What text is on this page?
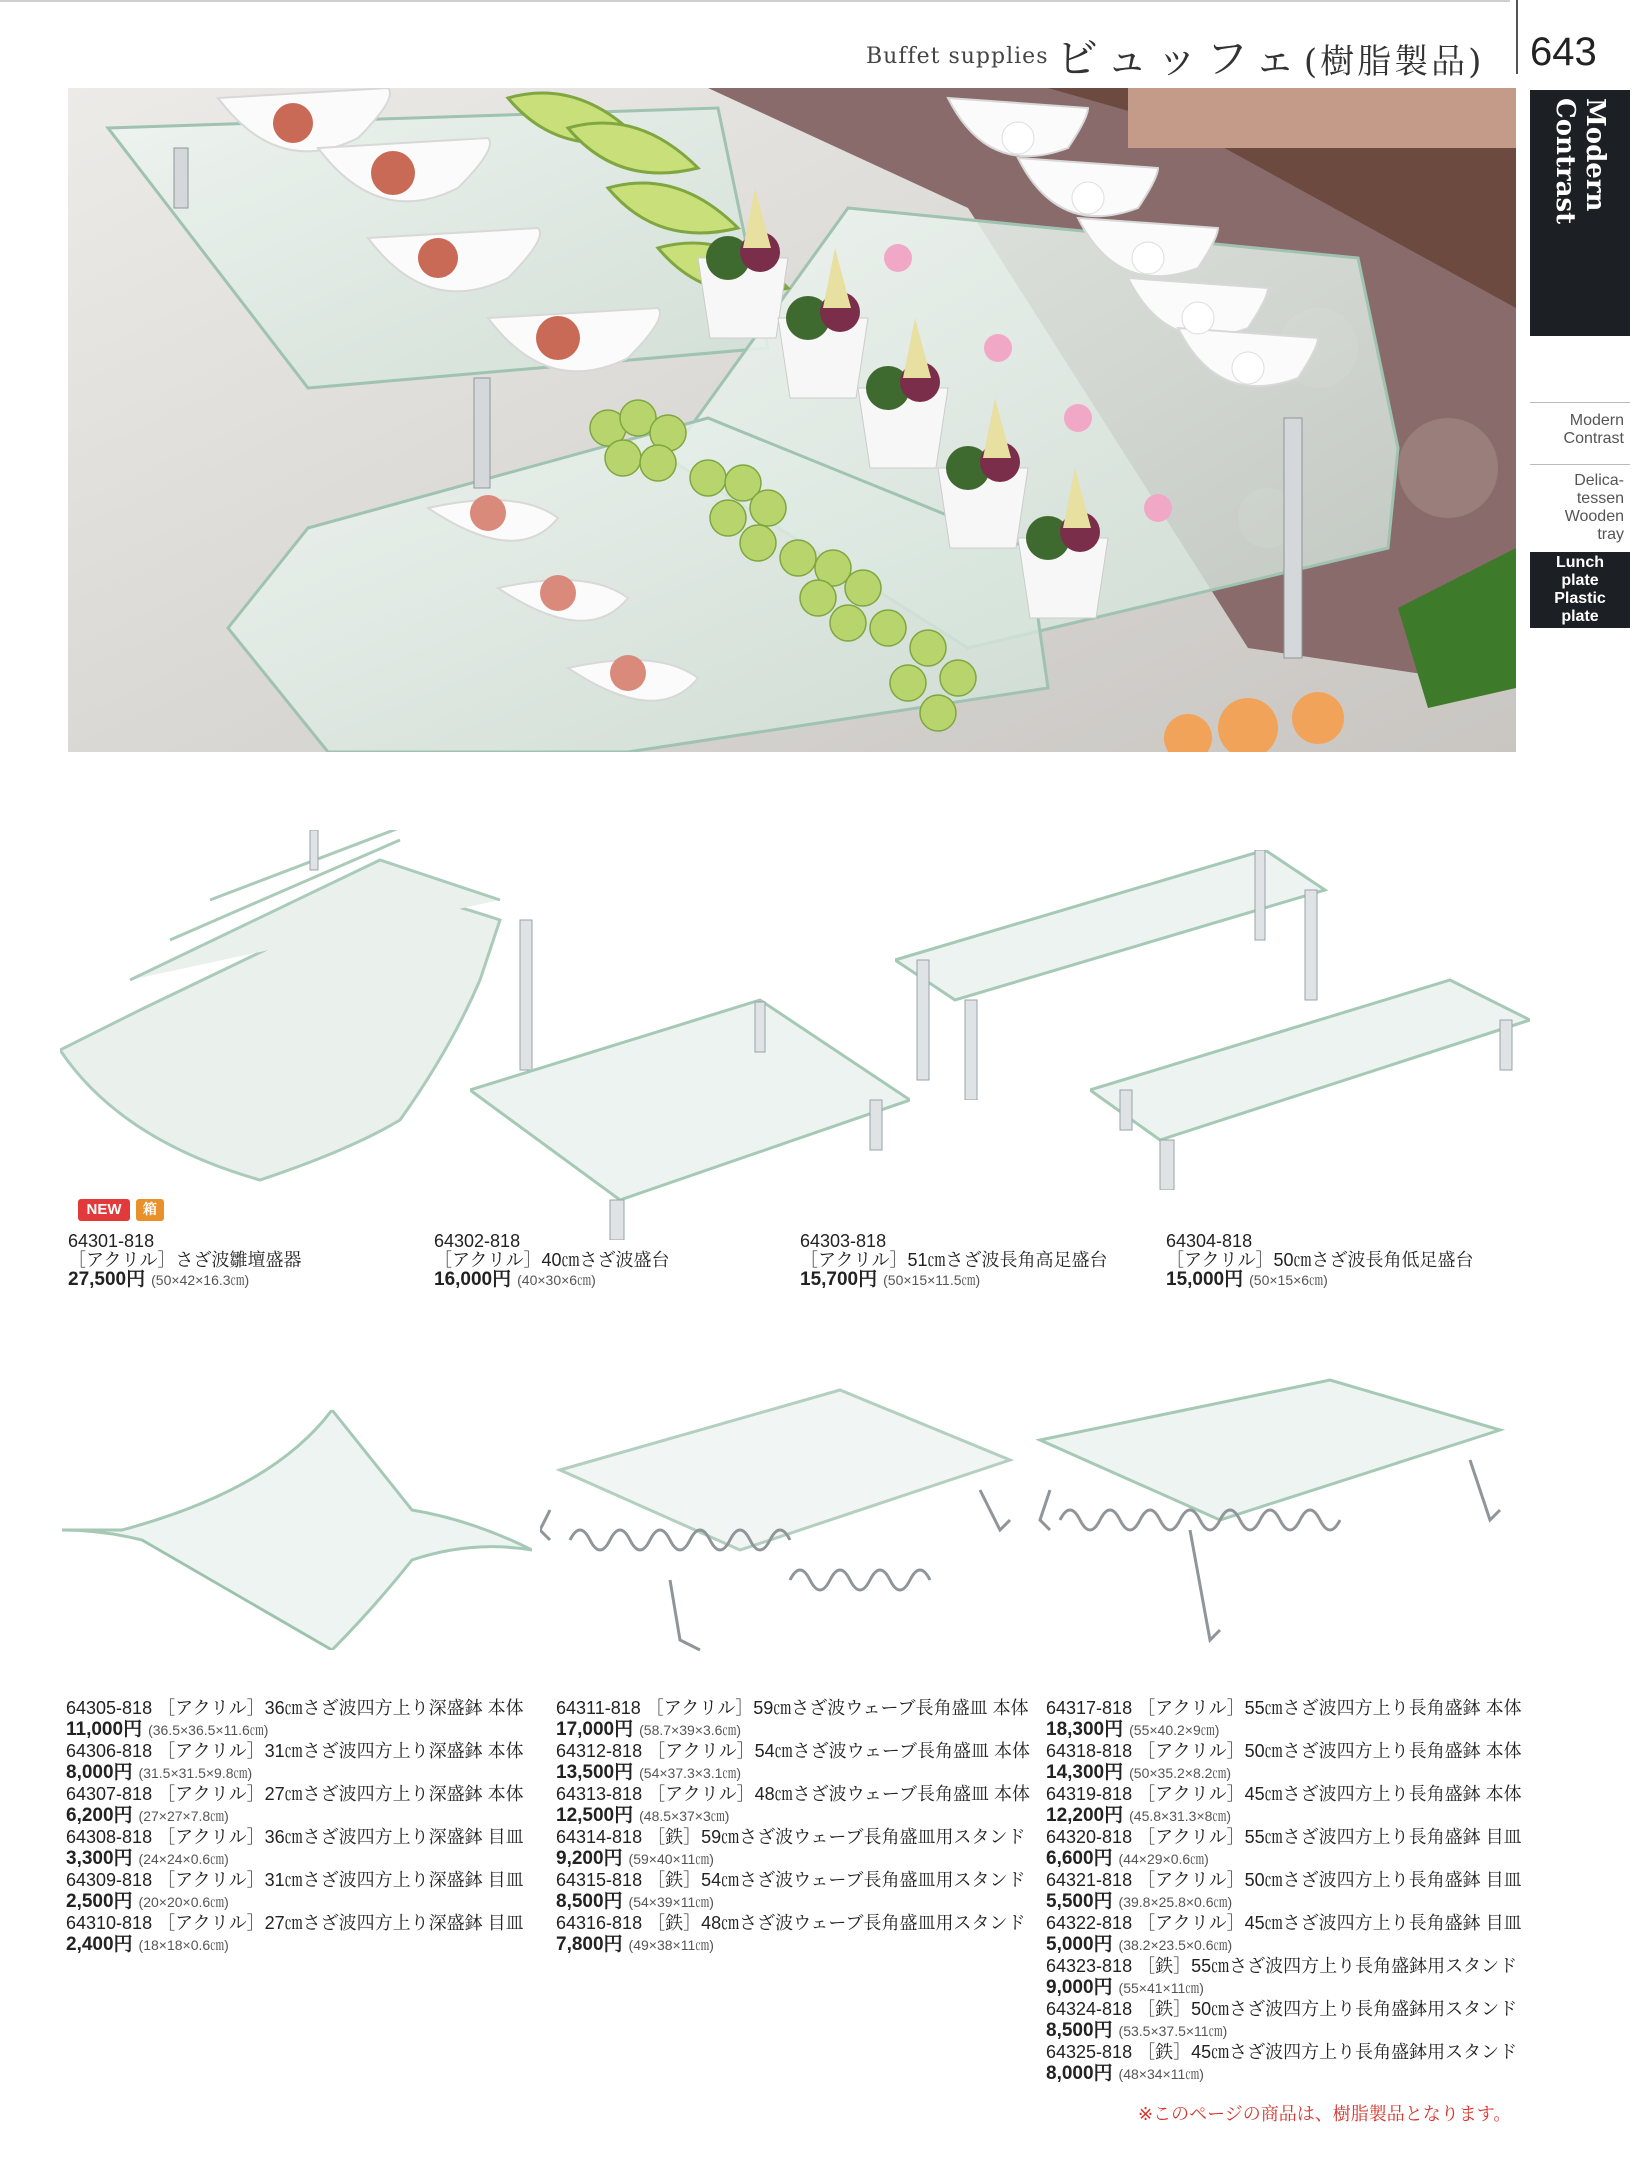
Buffet supplies ビュッフェ(樹脂製品) 643
Modern
Contrast
Modern
Contrast
Delica-
tessen
Wooden
tray
Lunch
plate
Plastic
plate
NEW	箱
64301-818
［アクリル］さざ波雛壇盛器
27,500円 (50×42×16.3㎝)
64302-818
［アクリル］40㎝さざ波盛台
16,000円 (40×30×6㎝)
64303-818
［アクリル］51㎝さざ波長角高足盛台
15,700円 (50×15×11.5㎝)
64304-818
［アクリル］50㎝さざ波長角低足盛台
15,000円 (50×15×6㎝)
64305-818 ［アクリル］36㎝さざ波四方上り深盛鉢 本体
11,000円 (36.5×36.5×11.6㎝)
64306-818 ［アクリル］31㎝さざ波四方上り深盛鉢 本体
8,000円 (31.5×31.5×9.8㎝)
64307-818 ［アクリル］27㎝さざ波四方上り深盛鉢 本体
6,200円 (27×27×7.8㎝)
64308-818 ［アクリル］36㎝さざ波四方上り深盛鉢 目皿
3,300円 (24×24×0.6㎝)
64309-818 ［アクリル］31㎝さざ波四方上り深盛鉢 目皿
2,500円 (20×20×0.6㎝)
64310-818 ［アクリル］27㎝さざ波四方上り深盛鉢 目皿
2,400円 (18×18×0.6㎝)
64311-818 ［アクリル］59㎝さざ波ウェーブ長角盛皿 本体
17,000円 (58.7×39×3.6㎝)
64312-818 ［アクリル］54㎝さざ波ウェーブ長角盛皿 本体
13,500円 (54×37.3×3.1㎝)
64313-818 ［アクリル］48㎝さざ波ウェーブ長角盛皿 本体
12,500円 (48.5×37×3㎝)
64314-818 ［鉄］59㎝さざ波ウェーブ長角盛皿用スタンド
9,200円 (59×40×11㎝)
64315-818 ［鉄］54㎝さざ波ウェーブ長角盛皿用スタンド
8,500円 (54×39×11㎝)
64316-818 ［鉄］48㎝さざ波ウェーブ長角盛皿用スタンド
7,800円 (49×38×11㎝)
64317-818 ［アクリル］55㎝さざ波四方上り長角盛鉢 本体
18,300円 (55×40.2×9㎝)
64318-818 ［アクリル］50㎝さざ波四方上り長角盛鉢 本体
14,300円 (50×35.2×8.2㎝)
64319-818 ［アクリル］45㎝さざ波四方上り長角盛鉢 本体
12,200円 (45.8×31.3×8㎝)
64320-818 ［アクリル］55㎝さざ波四方上り長角盛鉢 目皿
6,600円 (44×29×0.6㎝)
64321-818 ［アクリル］50㎝さざ波四方上り長角盛鉢 目皿
5,500円 (39.8×25.8×0.6㎝)
64322-818 ［アクリル］45㎝さざ波四方上り長角盛鉢 目皿
5,000円 (38.2×23.5×0.6㎝)
64323-818 ［鉄］55㎝さざ波四方上り長角盛鉢用スタンド
9,000円 (55×41×11㎝)
64324-818 ［鉄］50㎝さざ波四方上り長角盛鉢用スタンド
8,500円 (53.5×37.5×11㎝)
64325-818 ［鉄］45㎝さざ波四方上り長角盛鉢用スタンド
8,000円 (48×34×11㎝)
※このページの商品は、樹脂製品となります。
